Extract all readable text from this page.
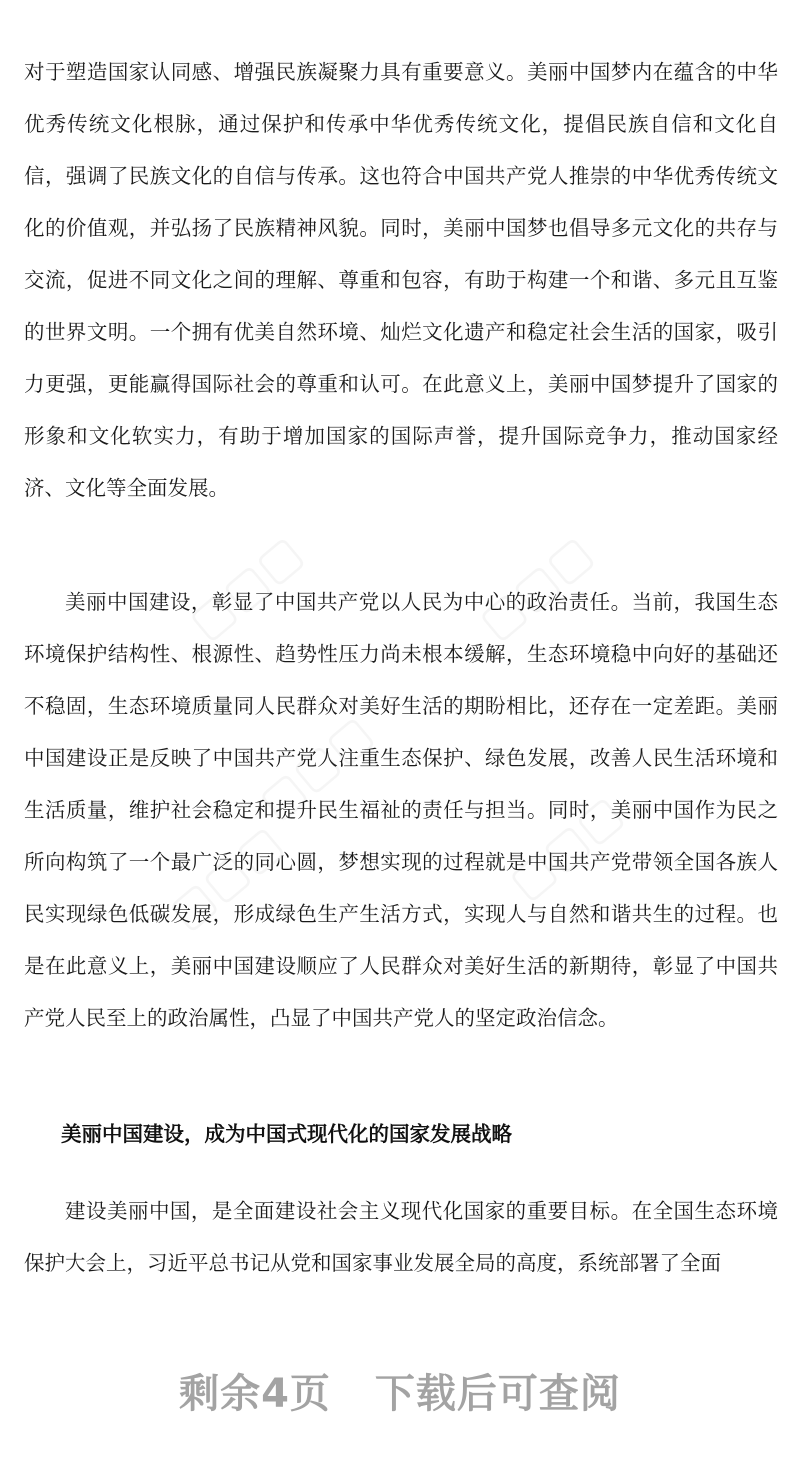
对于塑造国家认同感、增强民族凝聚力具有重要意义。美丽中国梦内在蕴含的中华优秀传统文化根脉，通过保护和传承中华优秀传统文化，提倡民族自信和文化自信，强调了民族文化的自信与传承。这也符合中国共产党人推崇的中华优秀传统文化的价值观，并弘扬了民族精神风貌。同时，美丽中国梦也倡导多元文化的共存与交流，促进不同文化之间的理解、尊重和包容，有助于构建一个和谐、多元且互鉴的世界文明。一个拥有优美自然环境、灿烂文化遗产和稳定社会生活的国家，吸引力更强，更能赢得国际社会的尊重和认可。在此意义上，美丽中国梦提升了国家的形象和文化软实力，有助于增加国家的国际声誉，提升国际竞争力，推动国家经济、文化等全面发展。

美丽中国建设，彰显了中国共产党以人民为中心的政治责任。当前，我国生态环境保护结构性、根源性、趋势性压力尚未根本缓解，生态环境稳中向好的基础还不稳固，生态环境质量同人民群众对美好生活的期盼相比，还存在一定差距。美丽中国建设正是反映了中国共产党人注重生态保护、绿色发展，改善人民生活环境和生活质量，维护社会稳定和提升民生福祉的责任与担当。同时，美丽中国作为民之所向构筑了一个最广泛的同心圆，梦想实现的过程就是中国共产党带领全国各族人民实现绿色低碳发展，形成绿色生产生活方式，实现人与自然和谐共生的过程。也是在此意义上，美丽中国建设顺应了人民群众对美好生活的新期待，彰显了中国共产党人民至上的政治属性，凸显了中国共产党人的坚定政治信念。

美丽中国建设，成为中国式现代化的国家发展战略

建设美丽中国，是全面建设社会主义现代化国家的重要目标。在全国生态环境保护大会上，习近平总书记从党和国家事业发展全局的高度，系统部署了全面

▢▢▢	▢▢▢
▢▢▢
▢▢▢	▢▢▢
剩余4页 下载后可查阅
